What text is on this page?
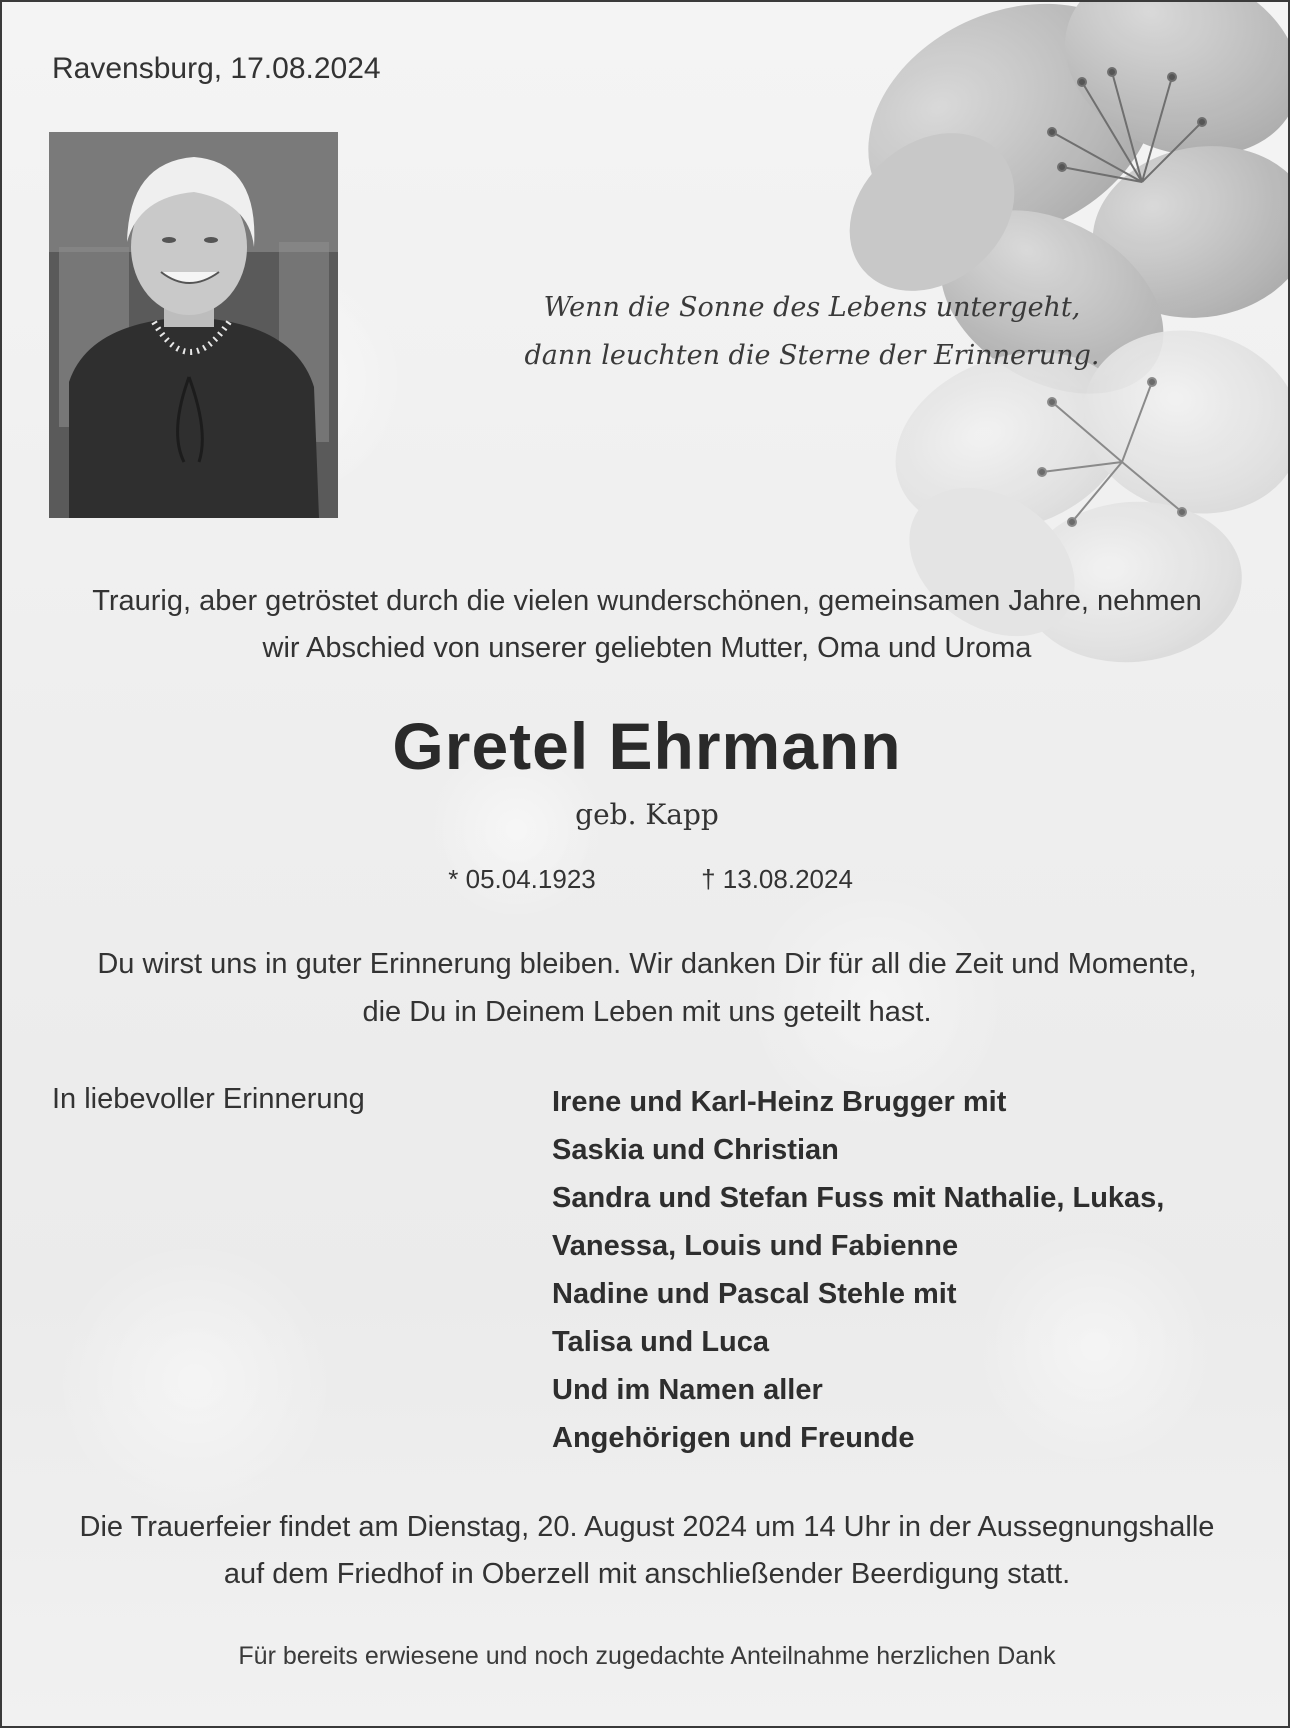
Ravensburg, 17.08.2024
Wenn die Sonne des Lebens untergeht,
dann leuchten die Sterne der Erinnerung.
Traurig, aber getröstet durch die vielen wunderschönen, gemeinsamen Jahre, nehmen
wir Abschied von unserer geliebten Mutter, Oma und Uroma
Gretel Ehrmann
geb. Kapp
* 05.04.1923	† 13.08.2024
Du wirst uns in guter Erinnerung bleiben. Wir danken Dir für all die Zeit und Momente,
die Du in Deinem Leben mit uns geteilt hast.
In liebevoller Erinnerung	Irene und Karl-Heinz Brugger mit
Saskia und Christian
Sandra und Stefan Fuss mit Nathalie, Lukas,
Vanessa, Louis und Fabienne
Nadine und Pascal Stehle mit
Talisa und Luca
Und im Namen aller
Angehörigen und Freunde
Die Trauerfeier findet am Dienstag, 20. August 2024 um 14 Uhr in der Aussegnungshalle
auf dem Friedhof in Oberzell mit anschließender Beerdigung statt.
Für bereits erwiesene und noch zugedachte Anteilnahme herzlichen Dank
